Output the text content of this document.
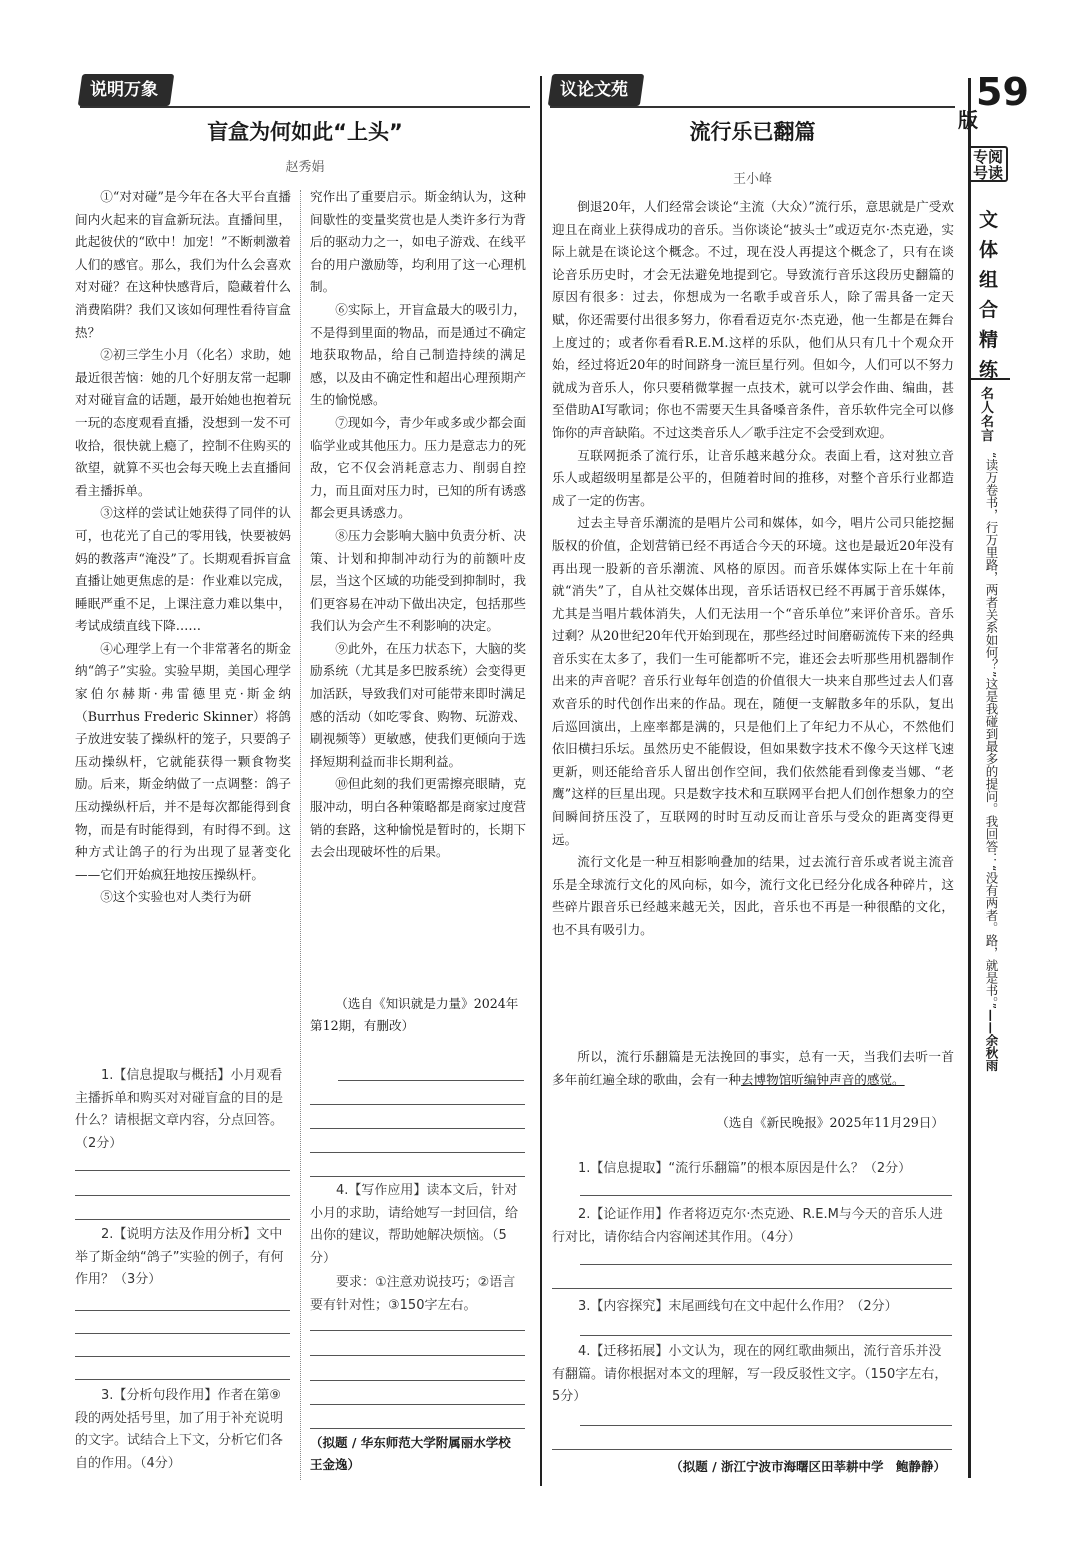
说明万象
盲盒为何如此“上头”
赵秀娟

①“对对碰”是今年在各大平台直播间内火起来的盲盒新玩法。直播间里，此起彼伏的“欧中！加宠！”不断刺激着人们的感官。那么，我们为什么会喜欢对对碰？在这种快感背后，隐藏着什么消费陷阱？我们又该如何理性看待盲盒热？

②初三学生小月（化名）求助，她最近很苦恼：她的几个好朋友常一起聊对对碰盲盒的话题，最开始她也抱着玩一玩的态度观看直播，没想到一发不可收拾，很快就上瘾了，控制不住购买的欲望，就算不买也会每天晚上去直播间看主播拆单。

③这样的尝试让她获得了同伴的认可，也花光了自己的零用钱，快要被妈妈的教落声“淹没”了。长期观看拆盲盒直播让她更焦虑的是：作业难以完成，睡眠严重不足，上课注意力难以集中，考试成绩直线下降……

④心理学上有一个非常著名的斯金纳“鸽子”实验。实验早期，美国心理学家伯尔赫斯·弗雷德里克·斯金纳（Burrhus Frederic Skinner）将鸽子放进安装了操纵杆的笼子，只要鸽子压动操纵杆，它就能获得一颗食物奖励。后来，斯金纳做了一点调整：鸽子压动操纵杆后，并不是每次都能得到食物，而是有时能得到，有时得不到。这种方式让鸽子的行为出现了显著变化——它们开始疯狂地按压操纵杆。

⑤这个实验也对人类行为研

究作出了重要启示。斯金纳认为，这种间歇性的变量奖赏也是人类许多行为背后的驱动力之一，如电子游戏、在线平台的用户激励等，均利用了这一心理机制。

⑥实际上，开盲盒最大的吸引力，不是得到里面的物品，而是通过不确定地获取物品，给自己制造持续的满足感，以及由不确定性和超出心理预期产生的愉悦感。

⑦现如今，青少年或多或少都会面临学业或其他压力。压力是意志力的死敌，它不仅会消耗意志力、削弱自控力，而且面对压力时，已知的所有诱惑都会更具诱惑力。

⑧压力会影响大脑中负责分析、决策、计划和抑制冲动行为的前额叶皮层，当这个区域的功能受到抑制时，我们更容易在冲动下做出决定，包括那些我们认为会产生不利影响的决定。

⑨此外，在压力状态下，大脑的奖励系统（尤其是多巴胺系统）会变得更加活跃，导致我们对可能带来即时满足感的活动（如吃零食、购物、玩游戏、刷视频等）更敏感，使我们更倾向于选择短期利益而非长期利益。

⑩但此刻的我们更需擦亮眼睛，克服冲动，明白各种策略都是商家过度营销的套路，这种愉悦是暂时的，长期下去会出现破坏性的后果。

（选自《知识就是力量》2024年第12期，有删改）
1.【信息提取与概括】小月观看主播拆单和购买对对碰盲盒的目的是什么？请根据文章内容，分点回答。（2分）
2.【说明方法及作用分析】文中举了斯金纳“鸽子”实验的例子，有何作用？（3分）
3.【分析句段作用】作者在第⑨段的两处括号里，加了用于补充说明的文字。试结合上下文，分析它们各自的作用。（4分）
4.【写作应用】读本文后，针对小月的求助，请给她写一封回信，给出你的建议，帮助她解决烦恼。（5分）
要求：①注意劝说技巧；②语言要有针对性；③150字左右。
（拟题 / 华东师范大学附属丽水学校　王金逸）
议论文苑
流行乐已翻篇
王小峰

倒退20年，人们经常会谈论“主流（大众）”流行乐，意思就是广受欢迎且在商业上获得成功的音乐。当你谈论“披头士”或迈克尔·杰克逊，实际上就是在谈论这个概念。不过，现在没人再提这个概念了，只有在谈论音乐历史时，才会无法避免地提到它。导致流行音乐这段历史翻篇的原因有很多：过去，你想成为一名歌手或音乐人，除了需具备一定天赋，你还需要付出很多努力，你看看迈克尔·杰克逊，他一生都是在舞台上度过的；或者你看看R.E.M.这样的乐队，他们从只有几十个观众开始，经过将近20年的时间跻身一流巨星行列。但如今，人们可以不努力就成为音乐人，你只要稍微掌握一点技术，就可以学会作曲、编曲，甚至借助AI写歌词；你也不需要天生具备嗓音条件，音乐软件完全可以修饰你的声音缺陷。不过这类音乐人／歌手注定不会受到欢迎。

互联网扼杀了流行乐，让音乐越来越分众。表面上看，这对独立音乐人或超级明星都是公平的，但随着时间的推移，对整个音乐行业都造成了一定的伤害。

过去主导音乐潮流的是唱片公司和媒体，如今，唱片公司只能挖掘版权的价值，企划营销已经不再适合今天的环境。这也是最近20年没有再出现一股新的音乐潮流、风格的原因。而音乐媒体实际上在十年前就“消失”了，自从社交媒体出现，音乐话语权已经不再属于音乐媒体，尤其是当唱片载体消失，人们无法用一个“音乐单位”来评价音乐。音乐过剩？从20世纪20年代开始到现在，那些经过时间磨砺流传下来的经典音乐实在太多了，我们一生可能都听不完，谁还会去听那些用机器制作出来的声音呢？音乐行业每年创造的价值很大一块来自那些过去人们喜欢音乐的时代创作出来的作品。现在，随便一支解散多年的乐队，复出后巡回演出，上座率都是满的，只是他们上了年纪力不从心，不然他们依旧横扫乐坛。虽然历史不能假设，但如果数字技术不像今天这样飞速更新，则还能给音乐人留出创作空间，我们依然能看到像麦当娜、“老鹰”这样的巨星出现。只是数字技术和互联网平台把人们创作想象力的空间瞬间挤压没了，互联网的时时互动反而让音乐与受众的距离变得更远。

流行文化是一种互相影响叠加的结果，过去流行音乐或者说主流音乐是全球流行文化的风向标，如今，流行文化已经分化成各种碎片，这些碎片跟音乐已经越来越无关，因此，音乐也不再是一种很酷的文化，也不具有吸引力。

所以，流行乐翻篇是无法挽回的事实，总有一天，当我们去听一首多年前红遍全球的歌曲，会有一种去博物馆听编钟声音的感觉。

（选自《新民晚报》2025年11月29日）
1.【信息提取】“流行乐翻篇”的根本原因是什么？（2分）
2.【论证作用】作者将迈克尔·杰克逊、R.E.M与今天的音乐人进行对比，请你结合内容阐述其作用。（4分）
3.【内容探究】末尾画线句在文中起什么作用？（2分）
4.【迁移拓展】小文认为，现在的网红歌曲频出，流行音乐并没有翻篇。请你根据对本文的理解，写一段反驳性文字。（150字左右，5分）
（拟题 / 浙江宁波市海曙区田莘耕中学　鲍静静）
59
版
专阅
号读
文体组合精练
名人名言
“读万卷书，行万里路，两者关系如何？”这是我碰到最多的提问。我回答：“没有两者。路，就是书。”——余秋雨
